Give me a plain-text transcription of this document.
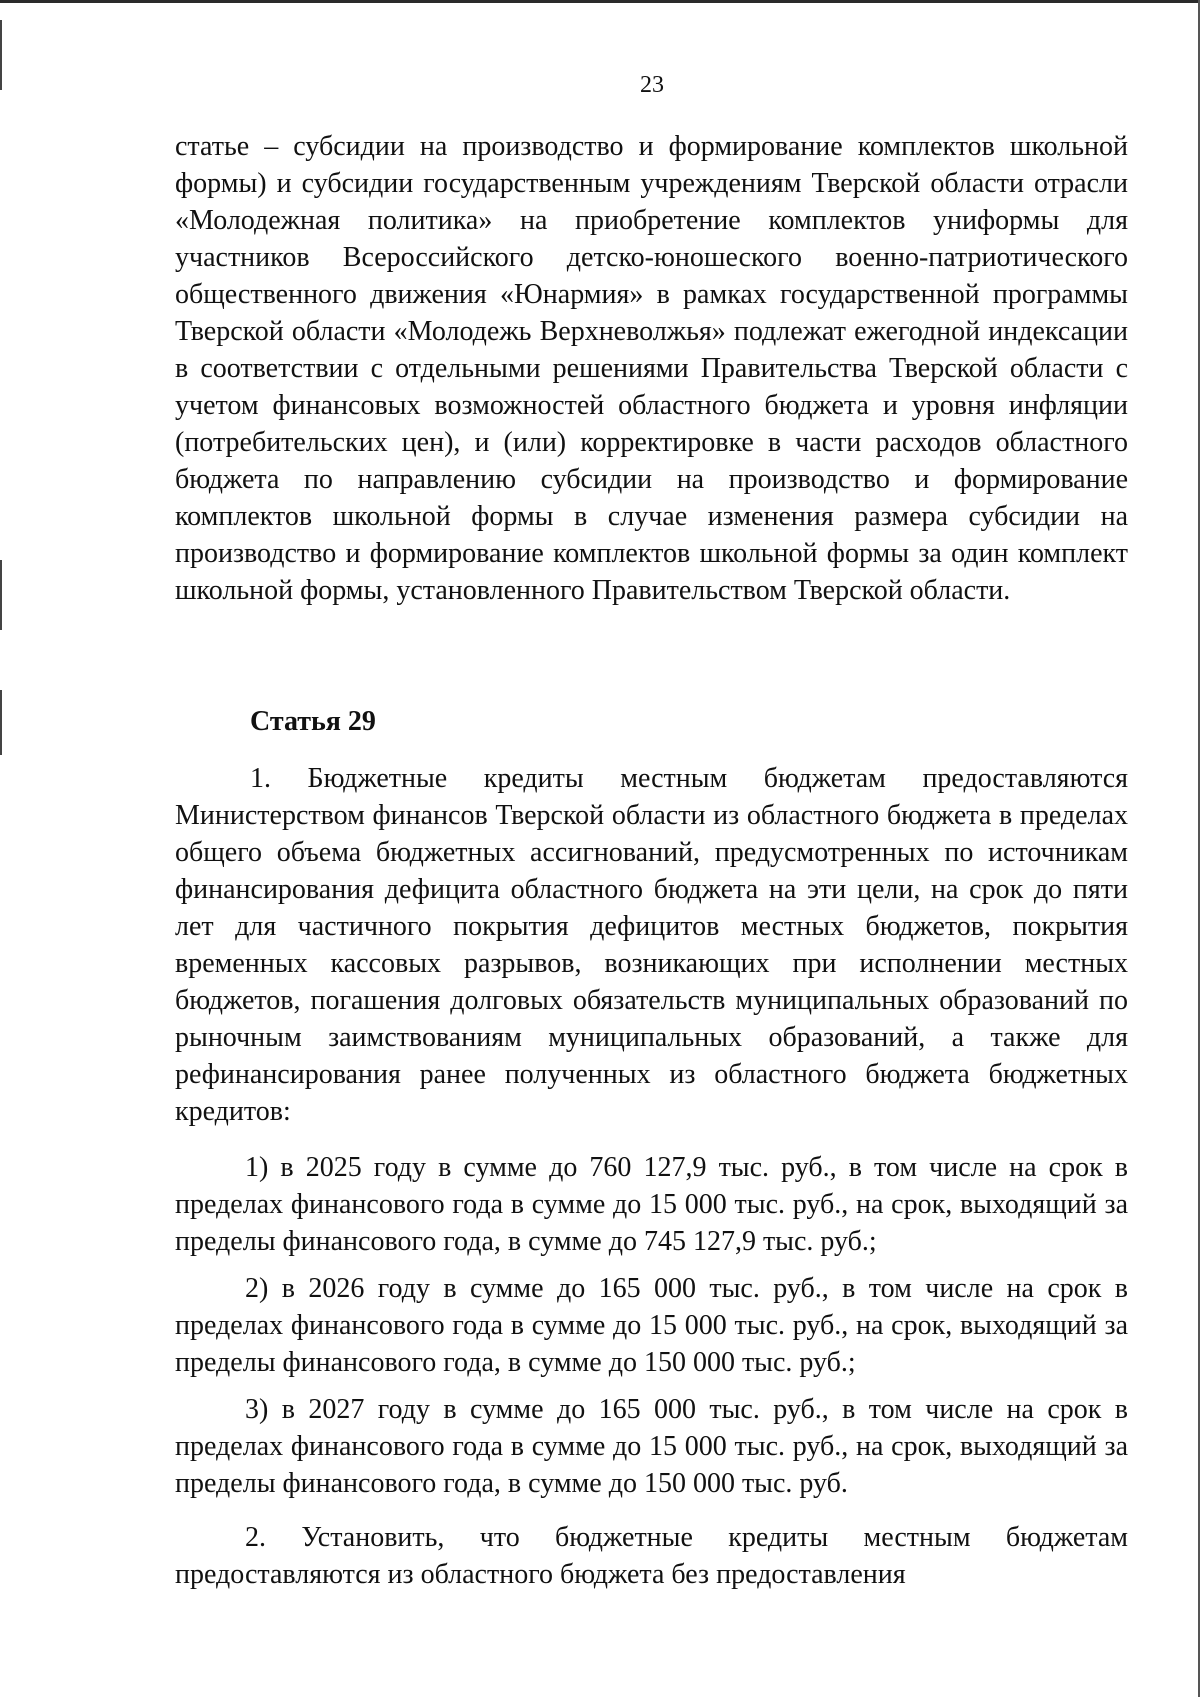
23
статье – субсидии на производство и формирование комплектов школьной формы) и субсидии государственным учреждениям Тверской области отрасли «Молодежная политика» на приобретение комплектов униформы для участников Всероссийского детско-юношеского военно-патриотического общественного движения «Юнармия» в рамках государственной программы Тверской области «Молодежь Верхневолжья» подлежат ежегодной индексации в соответствии с отдельными решениями Правительства Тверской области с учетом финансовых возможностей областного бюджета и уровня инфляции (потребительских цен), и (или) корректировке в части расходов областного бюджета по направлению субсидии на производство и формирование комплектов школьной формы в случае изменения размера субсидии на производство и формирование комплектов школьной формы за один комплект школьной формы, установленного Правительством Тверской области.
Статья 29
1. Бюджетные кредиты местным бюджетам предоставляются Министерством финансов Тверской области из областного бюджета в пределах общего объема бюджетных ассигнований, предусмотренных по источникам финансирования дефицита областного бюджета на эти цели, на срок до пяти лет для частичного покрытия дефицитов местных бюджетов, покрытия временных кассовых разрывов, возникающих при исполнении местных бюджетов, погашения долговых обязательств муниципальных образований по рыночным заимствованиям муниципальных образований, а также для рефинансирования ранее полученных из областного бюджета бюджетных кредитов:
1) в 2025 году в сумме до 760 127,9 тыс. руб., в том числе на срок в пределах финансового года в сумме до 15 000 тыс. руб., на срок, выходящий за пределы финансового года, в сумме до 745 127,9 тыс. руб.;
2) в 2026 году в сумме до 165 000 тыс. руб., в том числе на срок в пределах финансового года в сумме до 15 000 тыс. руб., на срок, выходящий за пределы финансового года, в сумме до 150 000 тыс. руб.;
3) в 2027 году в сумме до 165 000 тыс. руб., в том числе на срок в пределах финансового года в сумме до 15 000 тыс. руб., на срок, выходящий за пределы финансового года, в сумме до 150 000 тыс. руб.
2. Установить, что бюджетные кредиты местным бюджетам предоставляются из областного бюджета без предоставления
